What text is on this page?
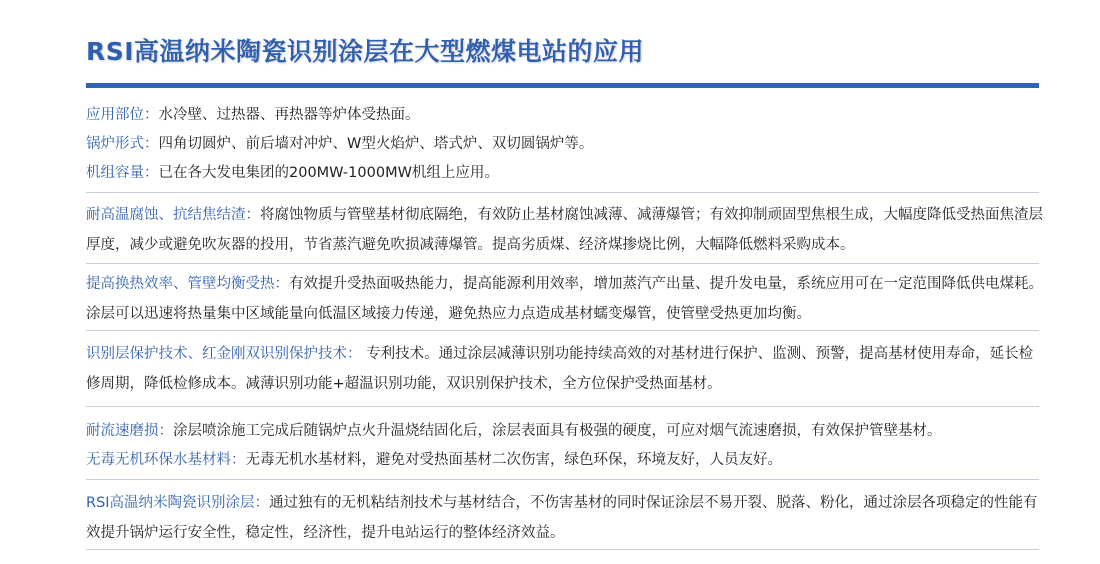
RSI高温纳米陶瓷识别涂层在大型燃煤电站的应用
应用部位：水冷壁、过热器、再热器等炉体受热面。
锅炉形式：四角切圆炉、前后墙对冲炉、W型火焰炉、塔式炉、双切圆锅炉等。
机组容量：已在各大发电集团的200MW-1000MW机组上应用。
耐高温腐蚀、抗结焦结渣：将腐蚀物质与管壁基材彻底隔绝，有效防止基材腐蚀减薄、减薄爆管；有效抑制顽固型焦根生成，大幅度降低受热面焦渣层厚度，减少或避免吹灰器的投用，节省蒸汽避免吹损减薄爆管。提高劣质煤、经济煤掺烧比例，大幅降低燃料采购成本。
提高换热效率、管壁均衡受热：有效提升受热面吸热能力，提高能源利用效率，增加蒸汽产出量、提升发电量，系统应用可在一定范围降低供电煤耗。涂层可以迅速将热量集中区域能量向低温区域接力传递，避免热应力点造成基材蠕变爆管，使管壁受热更加均衡。
识别层保护技术、红金刚双识别保护技术： 专利技术。通过涂层减薄识别功能持续高效的对基材进行保护、监测、预警，提高基材使用寿命，延长检修周期，降低检修成本。减薄识别功能+超温识别功能，双识别保护技术，全方位保护受热面基材。
耐流速磨损：涂层喷涂施工完成后随锅炉点火升温烧结固化后，涂层表面具有极强的硬度，可应对烟气流速磨损，有效保护管壁基材。
无毒无机环保水基材料：无毒无机水基材料，避免对受热面基材二次伤害，绿色环保，环境友好，人员友好。
RSI高温纳米陶瓷识别涂层：通过独有的无机粘结剂技术与基材结合，不伤害基材的同时保证涂层不易开裂、脱落、粉化，通过涂层各项稳定的性能有效提升锅炉运行安全性，稳定性，经济性，提升电站运行的整体经济效益。
